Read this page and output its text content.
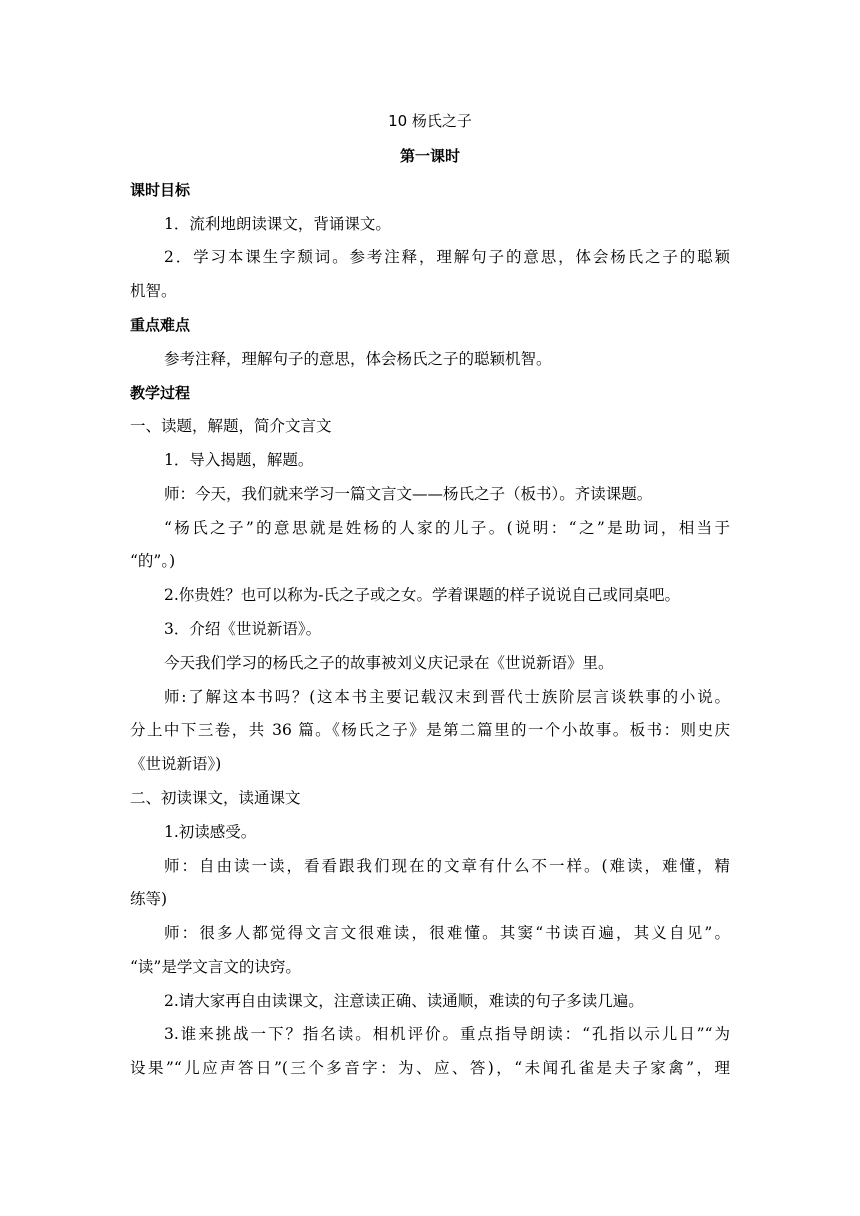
10 杨氏之子
第一课时
课时目标
1．流利地朗读课文，背诵课文。
2．学习本课生字颓词。参考注释，理解句子的意思，体会杨氏之子的聪颖
机智。
重点难点
参考注释，理解句子的意思，体会杨氏之子的聪颖机智。
教学过程
一、读题，解题，简介文言文
1．导入揭题，解题。
师：今天，我们就来学习一篇文言文——杨氏之子（板书）。齐读课题。
“杨氏之子”的意思就是姓杨的人家的儿子。(说明：“之”是助词，相当于
“的”。)
2.你贵姓？也可以称为-氏之子或之女。学着课题的样子说说自己或同桌吧。
3．介绍《世说新语》。
今天我们学习的杨氏之子的故事被刘义庆记录在《世说新语》里。
师:了解这本书吗？(这本书主要记载汉末到晋代士族阶层言谈轶事的小说。
分上中下三卷，共 36 篇。《杨氏之子》是第二篇里的一个小故事。板书：则史庆
《世说新语》)
二、初读课文，读通课文
1.初读感受。
师：自由读一读，看看跟我们现在的文章有什么不一样。(难读，难懂，精
练等)
师：很多人都觉得文言文很难读，很难懂。其窦“书读百遍，其义自见”。
“读”是学文言文的诀窍。
2.请大家再自由读课文，注意读正确、读通顺，难读的句子多读几遍。
3.谁来挑战一下？指名读。相机评价。重点指导朗读：“孔指以示儿日”“为
设果”“儿应声答日”(三个多音字：为、应、答)，“未闻孔雀是夫子家禽”，理
